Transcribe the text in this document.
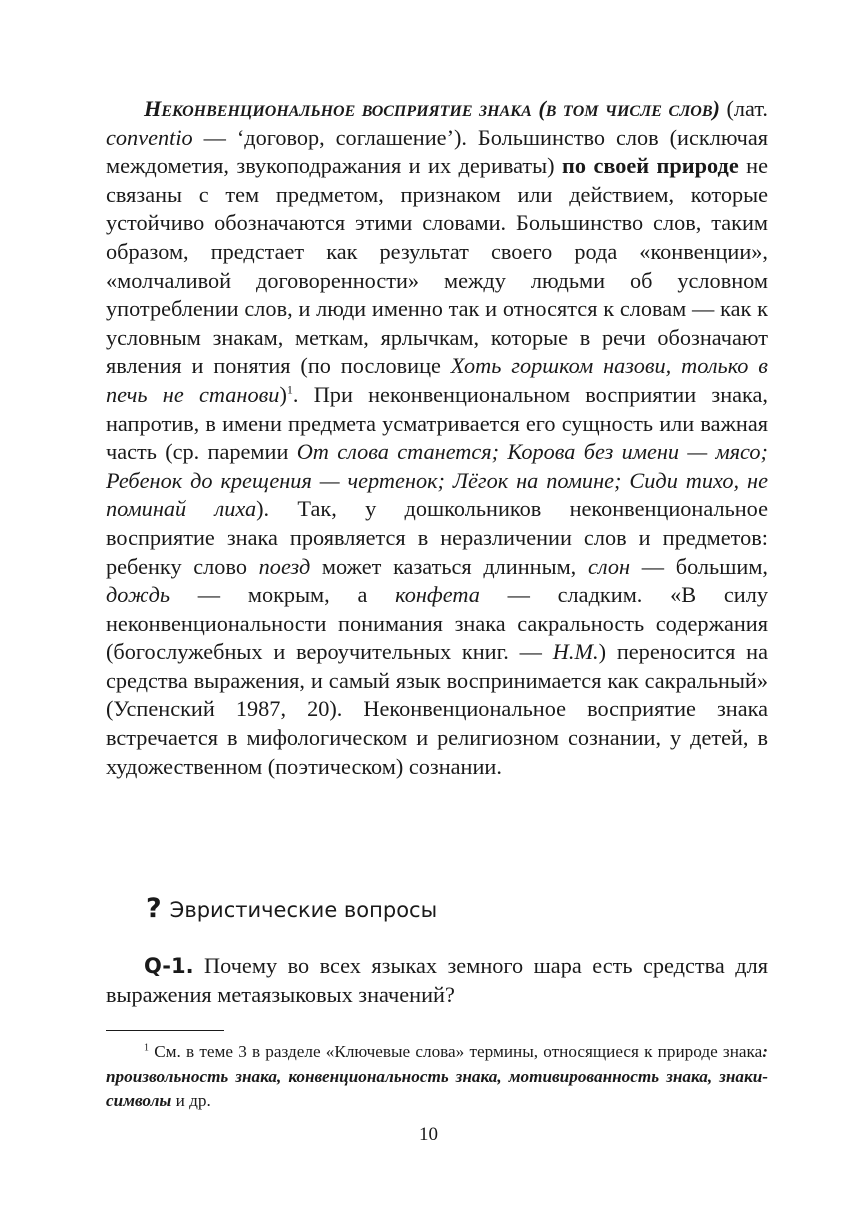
Неконвенциональное восприятие знака (в том числе слов) (лат. conventio — ‘договор, соглашение’). Большинство слов (исключая междометия, звукоподражания и их дериваты) по своей природе не связаны с тем предметом, признаком или действием, которые устойчиво обозначаются этими словами. Большинство слов, таким образом, предстает как результат своего рода «конвенции», «молчаливой договоренности» между людьми об условном употреблении слов, и люди именно так и относятся к словам — как к условным знакам, меткам, ярлычкам, которые в речи обозначают явления и понятия (по пословице Хоть горшком назови, только в печь не станови)$^1$. При неконвенциональном восприятии знака, напротив, в имени предмета усматривается его сущность или важная часть (ср. паремии От слова станется; Корова без имени — мясо; Ребенок до крещения — чертенок; Лёгок на помине; Сиди тихо, не поминай лиха). Так, у дошкольников неконвенциональное восприятие знака проявляется в неразличении слов и предметов: ребенку слово поезд может казаться длинным, слон — большим, дождь — мокрым, а конфета — сладким. «В силу неконвенциональности понимания знака сакральность содержания (богослужебных и вероучительных книг. — Н.М.) переносится на средства выражения, и самый язык воспринимается как сакральный» (Успенский 1987, 20). Неконвенциональное восприятие знака встречается в мифологическом и религиозном сознании, у детей, в художественном (поэтическом) сознании.

? Эвристические вопросы

Q-1. Почему во всех языках земного шара есть средства для выражения метаязыковых значений?

$^1$ См. в теме 3 в разделе «Ключевые слова» термины, относящиеся к природе знака: произвольность знака, конвенциональность знака, мотивированность знака, знаки-символы и др.

10
